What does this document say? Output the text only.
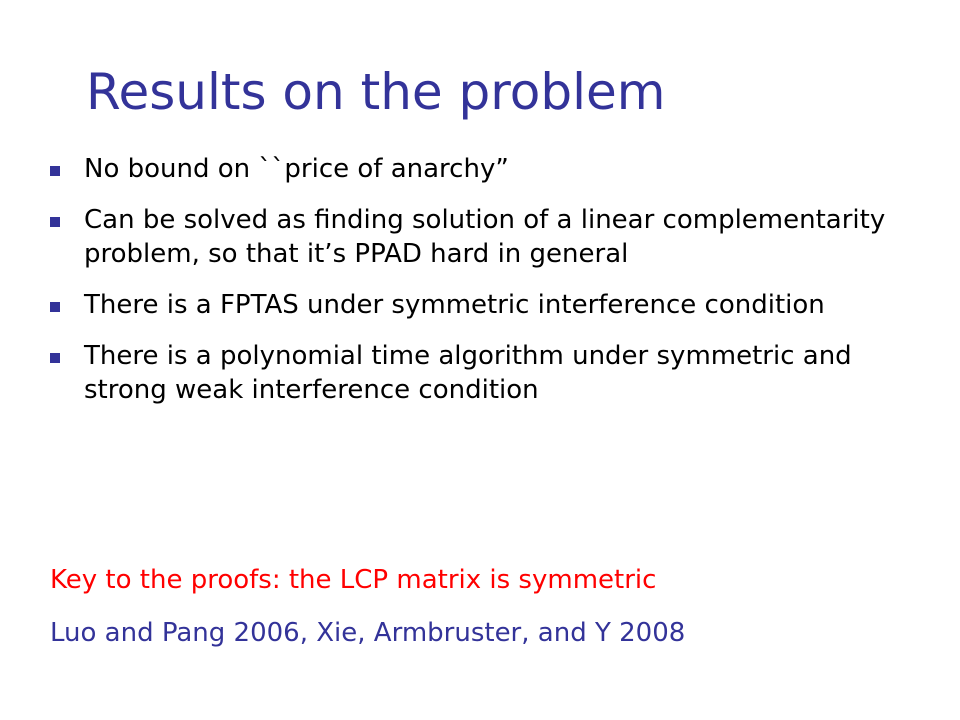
Results on the problem
No bound on ``price of anarchy”
Can be solved as finding solution of a linear complementarity problem, so that it’s PPAD hard in general
There is a FPTAS under symmetric interference condition
There is a polynomial time algorithm under symmetric and strong weak interference condition

Key to the proofs: the LCP matrix is symmetric

Luo and Pang 2006, Xie, Armbruster, and Y 2008
